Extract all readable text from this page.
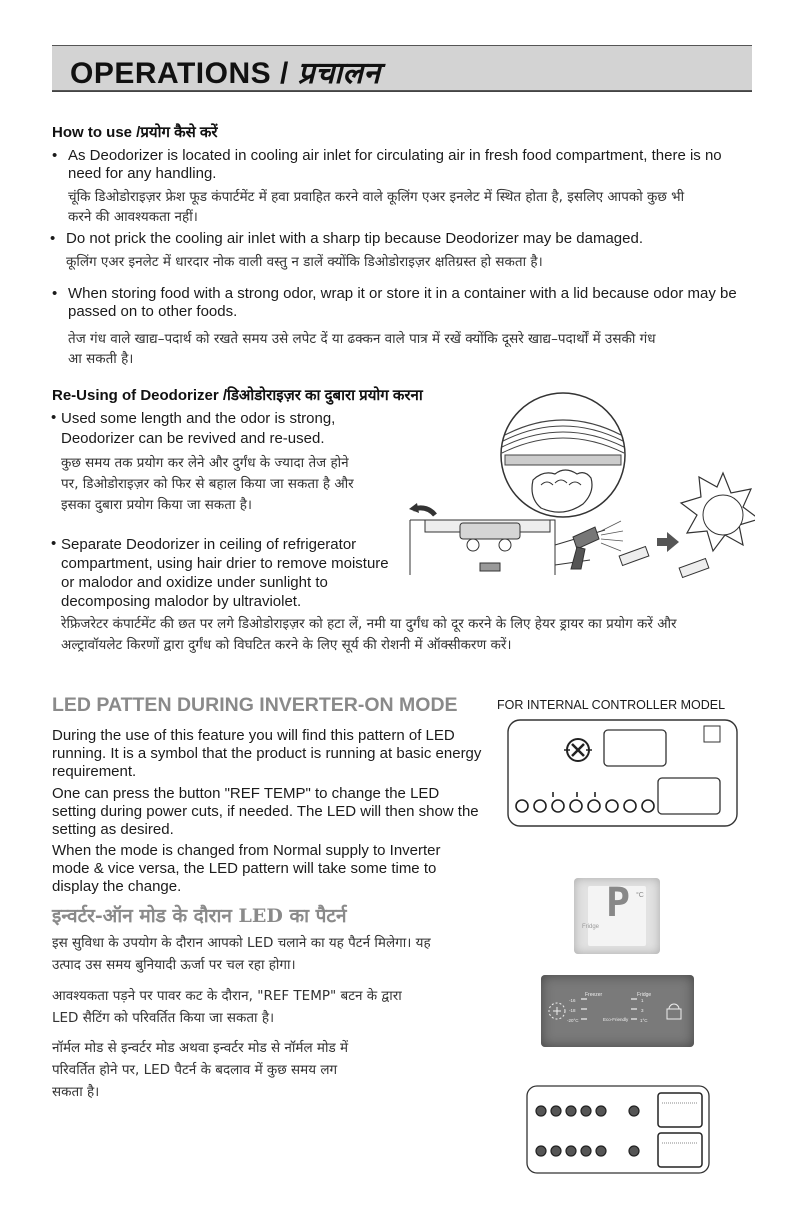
OPERATIONS / प्रचालन
How to use /प्रयोग कैसे करें
• As Deodorizer is located in cooling air inlet for circulating air in fresh food compartment, there is no need for any handling.
चूंकि डिओडोराइज़र फ्रेश फूड कंपार्टमेंट में हवा प्रवाहित करने वाले कूलिंग एअर इनलेट में स्थित होता है, इसलिए आपको कुछ भी करने की आवश्यकता नहीं।
• Do not prick the cooling air inlet with a sharp tip because Deodorizer may be damaged.
कूलिंग एअर इनलेट में धारदार नोक वाली वस्तु न डालें क्योंकि डिओडोराइज़र क्षतिग्रस्त हो सकता है।
• When storing food with a strong odor, wrap it or store it in a container with a lid because odor may be passed on to other foods.
तेज गंध वाले खाद्य–पदार्थ को रखते समय उसे लपेट दें या ढक्कन वाले पात्र में रखें क्योंकि दूसरे खाद्य–पदार्थों में उसकी गंध आ सकती है।
Re-Using of Deodorizer /डिओडोराइज़र का दुबारा प्रयोग करना
• Used some length and the odor is strong, Deodorizer can be revived and re-used.
कुछ समय तक प्रयोग कर लेने और दुर्गंध के ज्यादा तेज होने पर, डिओडोराइज़र को फिर से बहाल किया जा सकता है और इसका दुबारा प्रयोग किया जा सकता है।
• Separate Deodorizer in ceiling of refrigerator compartment, using hair drier to remove moisture or malodor and oxidize under sunlight to decomposing malodor by ultraviolet.
रेफ्रिजरेटर कंपार्टमेंट की छत पर लगे डिओडोराइज़र को हटा लें, नमी या दुर्गंध को दूर करने के लिए हेयर ड्रायर का प्रयोग करें और अल्ट्रावॉयलेट किरणों द्वारा दुर्गंध को विघटित करने के लिए सूर्य की रोशनी में ऑक्सीकरण करें।
LED PATTEN DURING INVERTER-ON MODE	FOR INTERNAL CONTROLLER MODEL
During the use of this feature you will find this pattern of LED running. It is a symbol that the product is running at basic energy requirement.
One can press the button "REF TEMP" to change the LED setting during power cuts, if needed. The LED will then show the setting as desired.
When the mode is changed from Normal supply to Inverter mode & vice versa, the LED pattern will take some time to display the change.
इन्वर्टर-ऑन मोड के दौरान LED का पैटर्न
इस सुविधा के उपयोग के दौरान आपको LED चलाने का यह पैटर्न मिलेगा। यह उत्पाद उस समय बुनियादी ऊर्जा पर चल रहा होगा।
आवश्यकता पड़ने पर पावर कट के दौरान, "REF TEMP" बटन के द्वारा LED सैटिंग को परिवर्तित किया जा सकता है।
नॉर्मल मोड से इन्वर्टर मोड अथवा इन्वर्टर मोड से नॉर्मल मोड में परिवर्तित होने पर, LED पैटर्न के बदलाव में कुछ समय लग सकता है।
P °C
Fridge
Freezer	Fridge
-16
-18
-20°C
1
3
1°C
Eco-Friendly
